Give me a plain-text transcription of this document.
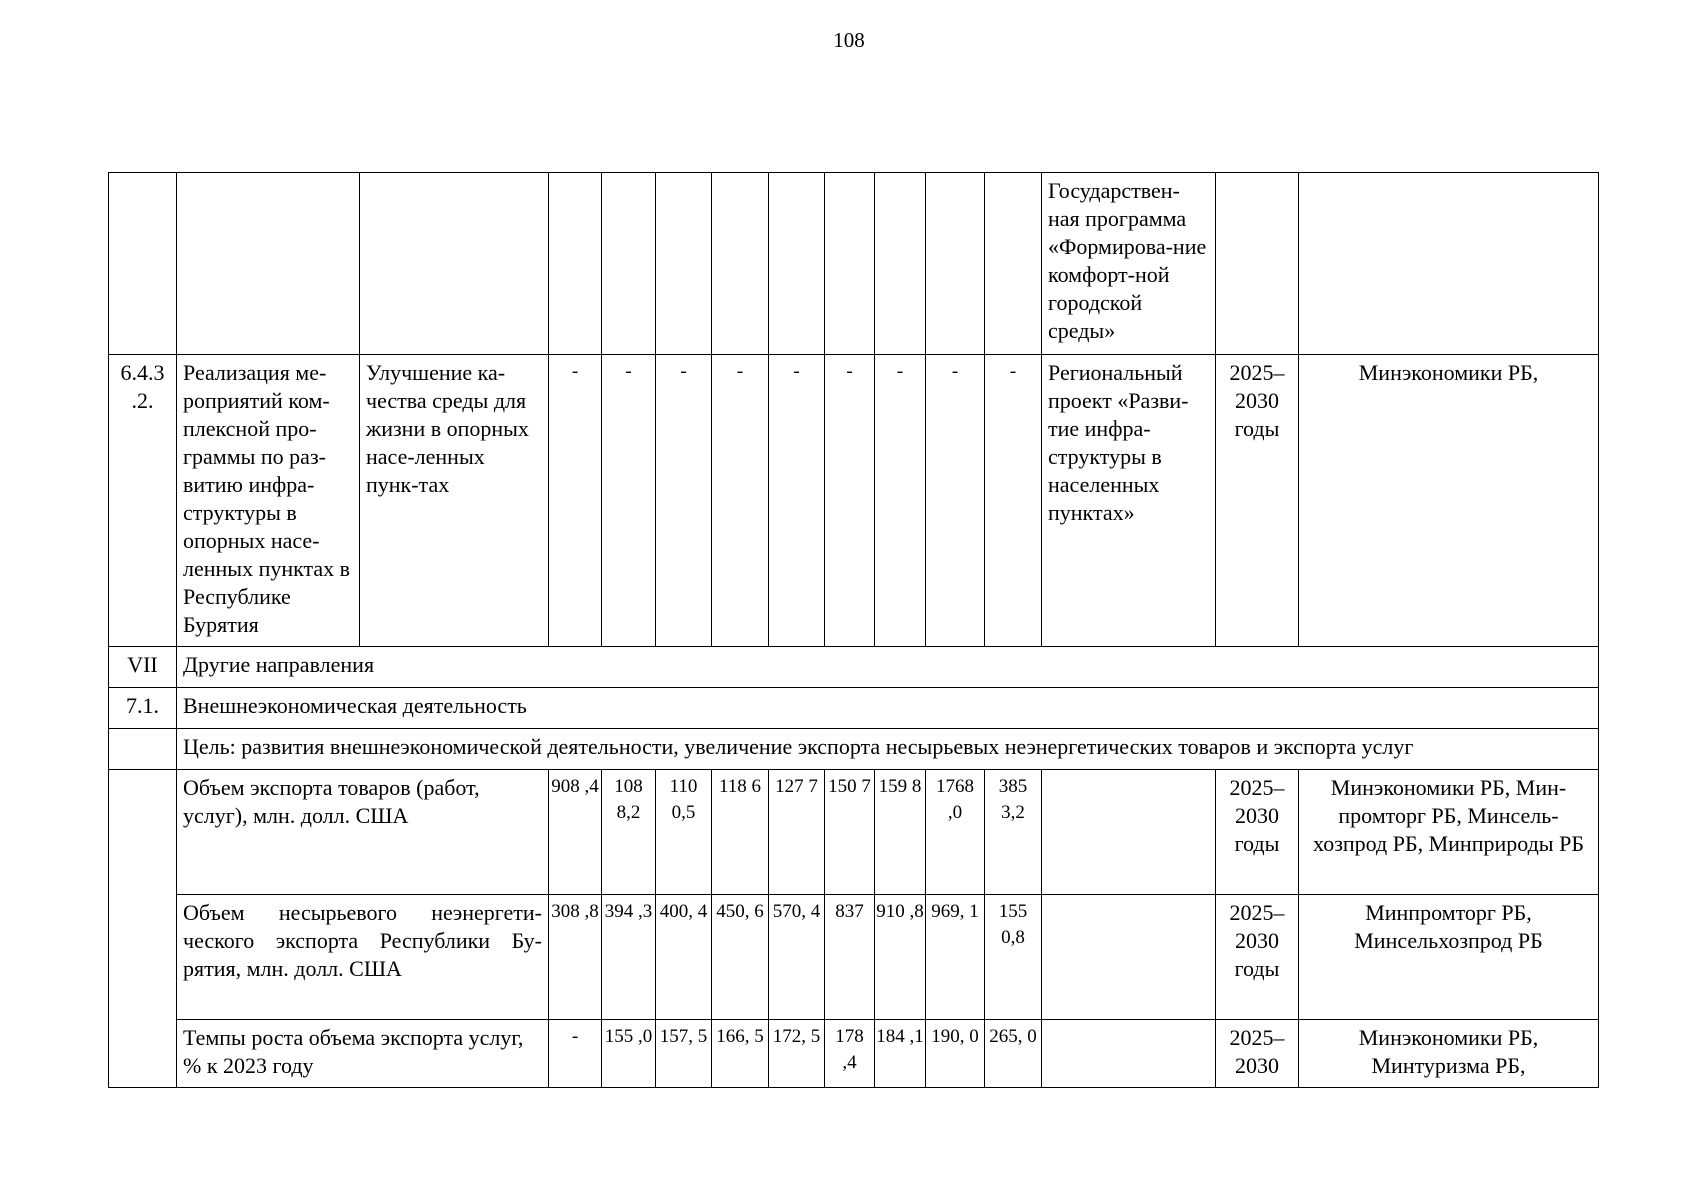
108
												Государствен-ная программа «Формирова-ние комфорт-ной городской среды»		
6.4.3 .2.	Реализация ме-роприятий ком-плексной про-граммы по раз-витию инфра-структуры в опорных насе-ленных пунктах в Республике Бурятия	Улучшение ка-чества среды для жизни в опорных насе-ленных пунк-тах	-	-	-	-	-	-	-	-	-	Региональный проект «Разви-тие инфра-структуры в населенных пунктах»	2025– 2030 годы	Минэкономики РБ,
VII	Другие направления													
7.1.	Внешнеэкономическая деятельность													
	Цель: развития внешнеэкономической деятельности, увеличение экспорта несырьевых неэнергетических товаров и экспорта услуг													
	Объем экспорта товаров (работ, услуг), млн. долл. США		908 ,4	108 8,2	110 0,5	118 6	127 7	150 7	159 8	1768 ,0	385 3,2		2025– 2030 годы	Минэкономики РБ, Мин-промторг РБ, Минсель-хозпрод РБ, Минприроды РБ
	Объем несырьевого неэнергети-ческого экспорта Республики Бу-рятия, млн. долл. США		308 ,8	394 ,3	400, 4	450, 6	570, 4	837	910 ,8	969, 1	155 0,8		2025– 2030 годы	Минпромторг РБ, Минсельхозпрод РБ
	Темпы роста объема экспорта услуг, % к 2023 году		-	155 ,0	157, 5	166, 5	172, 5	178 ,4	184 ,1	190, 0	265, 0		2025– 2030	Минэкономики РБ, Минтуризма РБ,
